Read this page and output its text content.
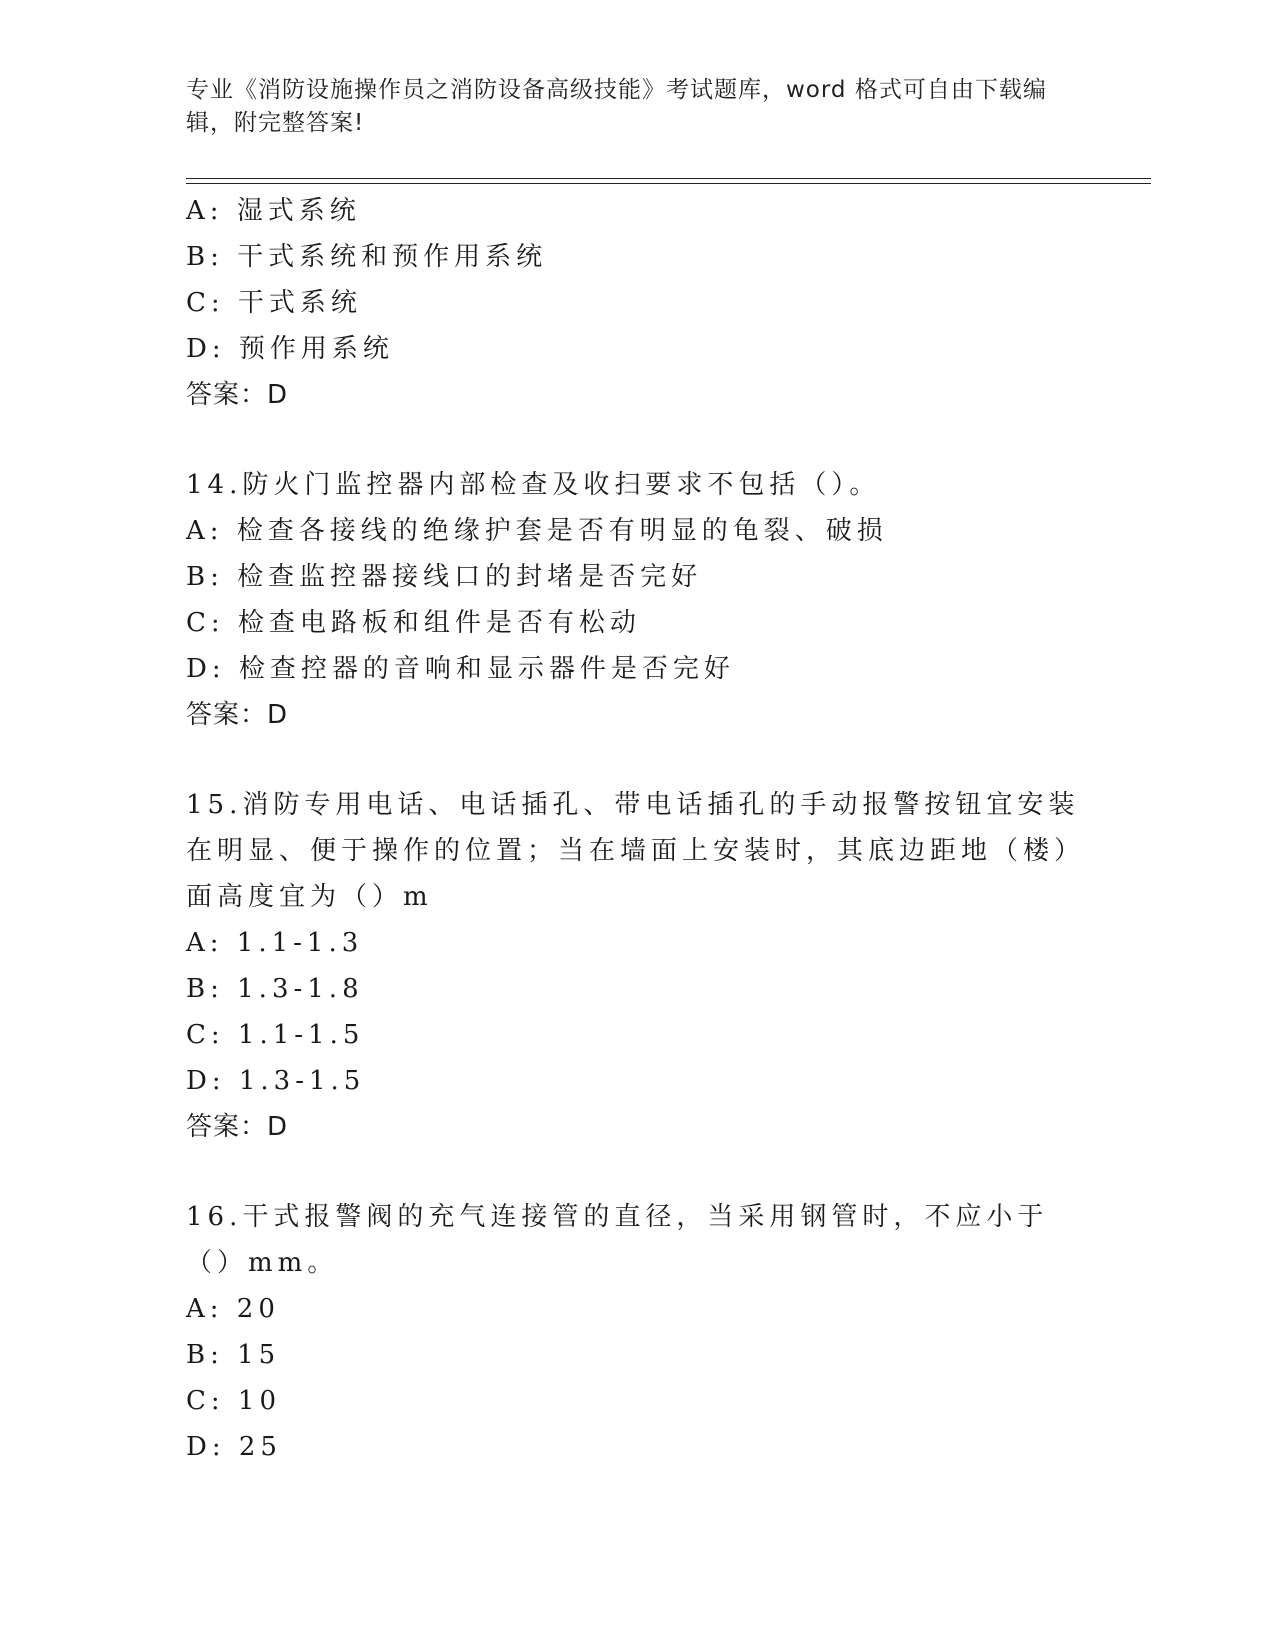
专业《消防设施操作员之消防设备高级技能》考试题库，word 格式可自由下载编
辑，附完整答案!
A: 湿式系统
B: 干式系统和预作用系统
C: 干式系统
D: 预作用系统
答案：D
14.防火门监控器内部检查及收扫要求不包括（）。
A: 检查各接线的绝缘护套是否有明显的龟裂、破损
B: 检查监控器接线口的封堵是否完好
C: 检查电路板和组件是否有松动
D: 检查控器的音响和显示器件是否完好
答案：D
15.消防专用电话、电话插孔、带电话插孔的手动报警按钮宜安装在明显、便于操作的位置；当在墙面上安装时，其底边距地（楼）面高度宜为（）m
A: 1.1-1.3
B: 1.3-1.8
C: 1.1-1.5
D: 1.3-1.5
答案：D
16.干式报警阀的充气连接管的直径，当采用钢管时，不应小于（）mm。
A: 20
B: 15
C: 10
D: 25
